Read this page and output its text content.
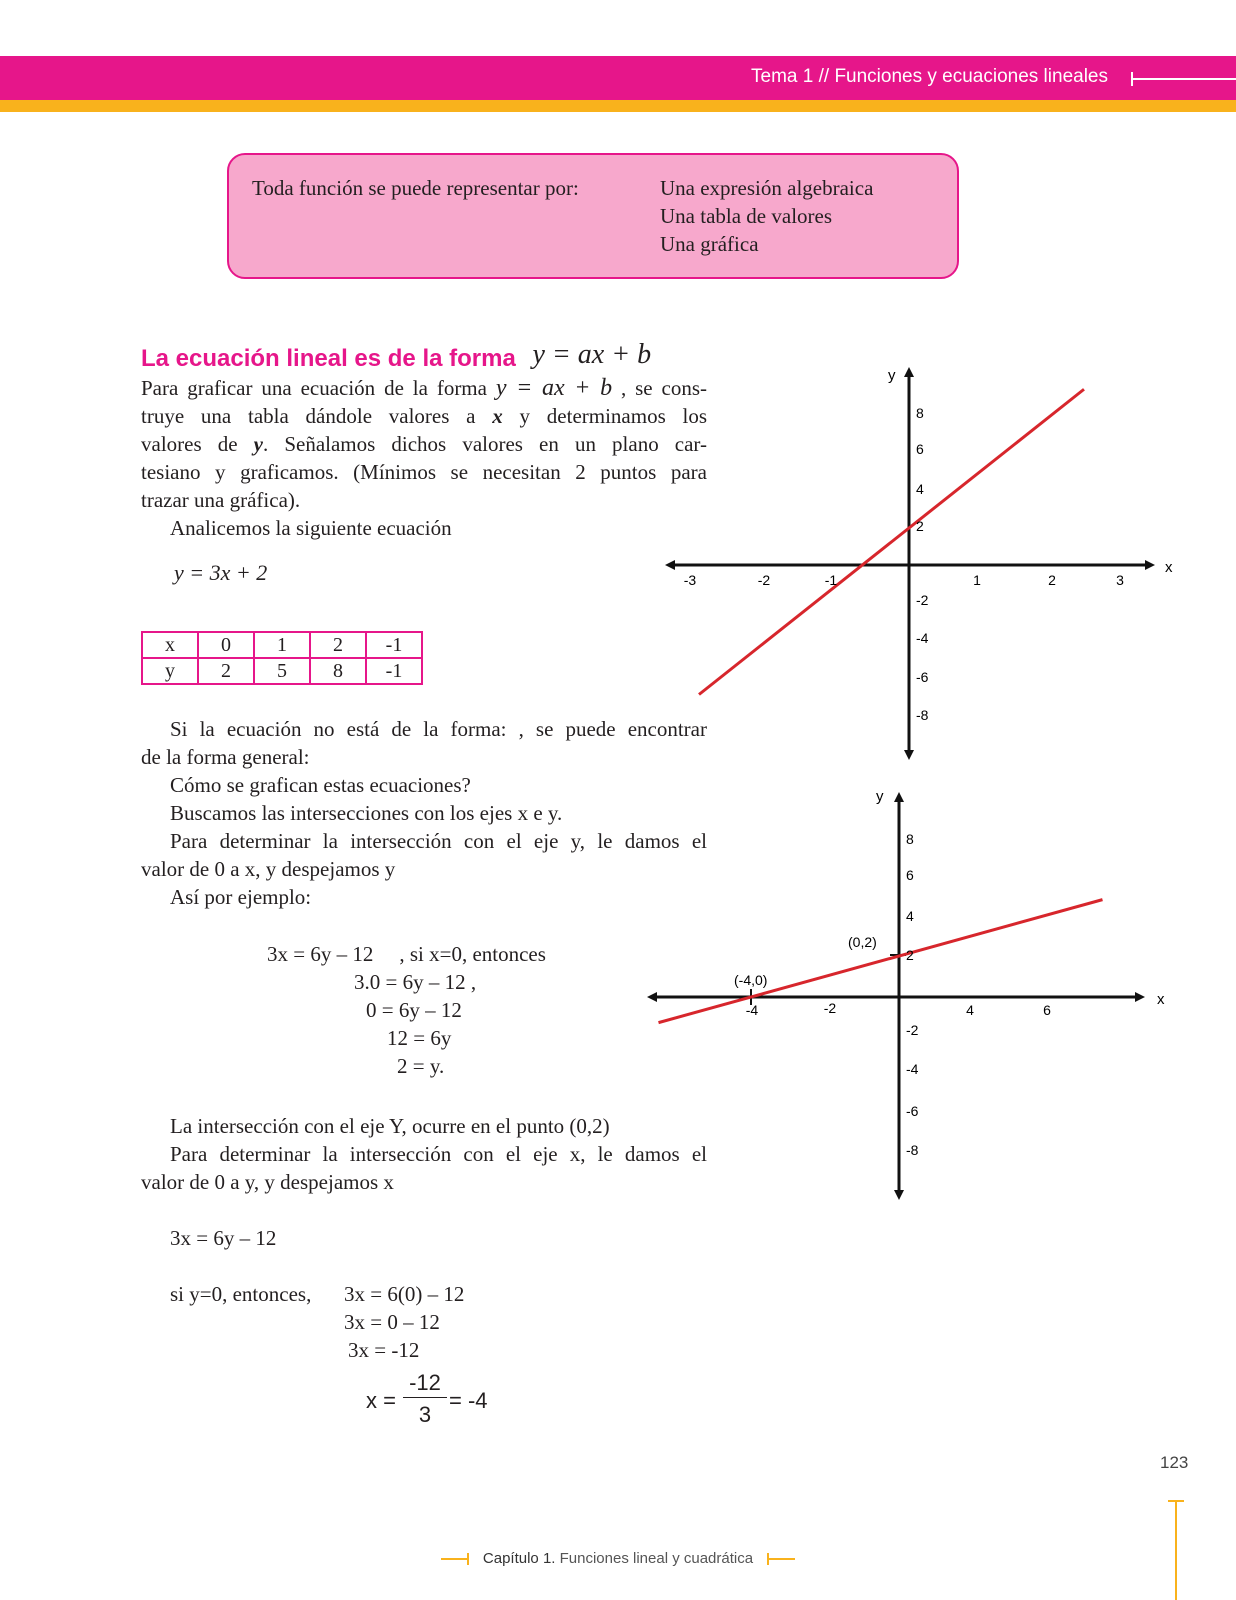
Tema 1 // Funciones y ecuaciones lineales
Toda función se puede representar por:	Una expresión algebraica
Una tabla de valores
Una gráfica
La ecuación lineal es de la forma y = ax + b
Para graficar una ecuación de la forma y = ax + b , se cons-
truye una tabla dándole valores a x y determinamos los
valores de y. Señalamos dichos valores en un plano car-
tesiano y graficamos. (Mínimos se necesitan 2 puntos para
trazar una gráfica).
Analicemos la siguiente ecuación
y = 3x + 2
x	0	1	2	-1
y	2	5	8	-1
Si la ecuación no está de la forma: , se puede encontrar
de la forma general:
Cómo se grafican estas ecuaciones?
Buscamos las intersecciones con los ejes x e y.
Para determinar la intersección con el eje y, le damos el
valor de 0 a x, y despejamos y
Así por ejemplo:
3x = 6y – 12 , si x=0, entonces
3.0 = 6y – 12 ,
0 = 6y – 12
12 = 6y
2 = y.
La intersección con el eje Y, ocurre en el punto (0,2)
Para determinar la intersección con el eje x, le damos el
valor de 0 a y, y despejamos x
3x = 6y – 12
si y=0, entonces, 3x = 6(0) – 12
3x = 0 – 12
3x = -12
x =
-12
3
= -4
x
y
-3	-2	-1	1	2	3
8
6
4
2
-2
-4
-6
-8
x
y
-4	-2	4	6
8
6
4
2
-2
-4
-6
-8
(0,2)
(-4,0)
123
Capítulo 1. Funciones lineal y cuadrática
